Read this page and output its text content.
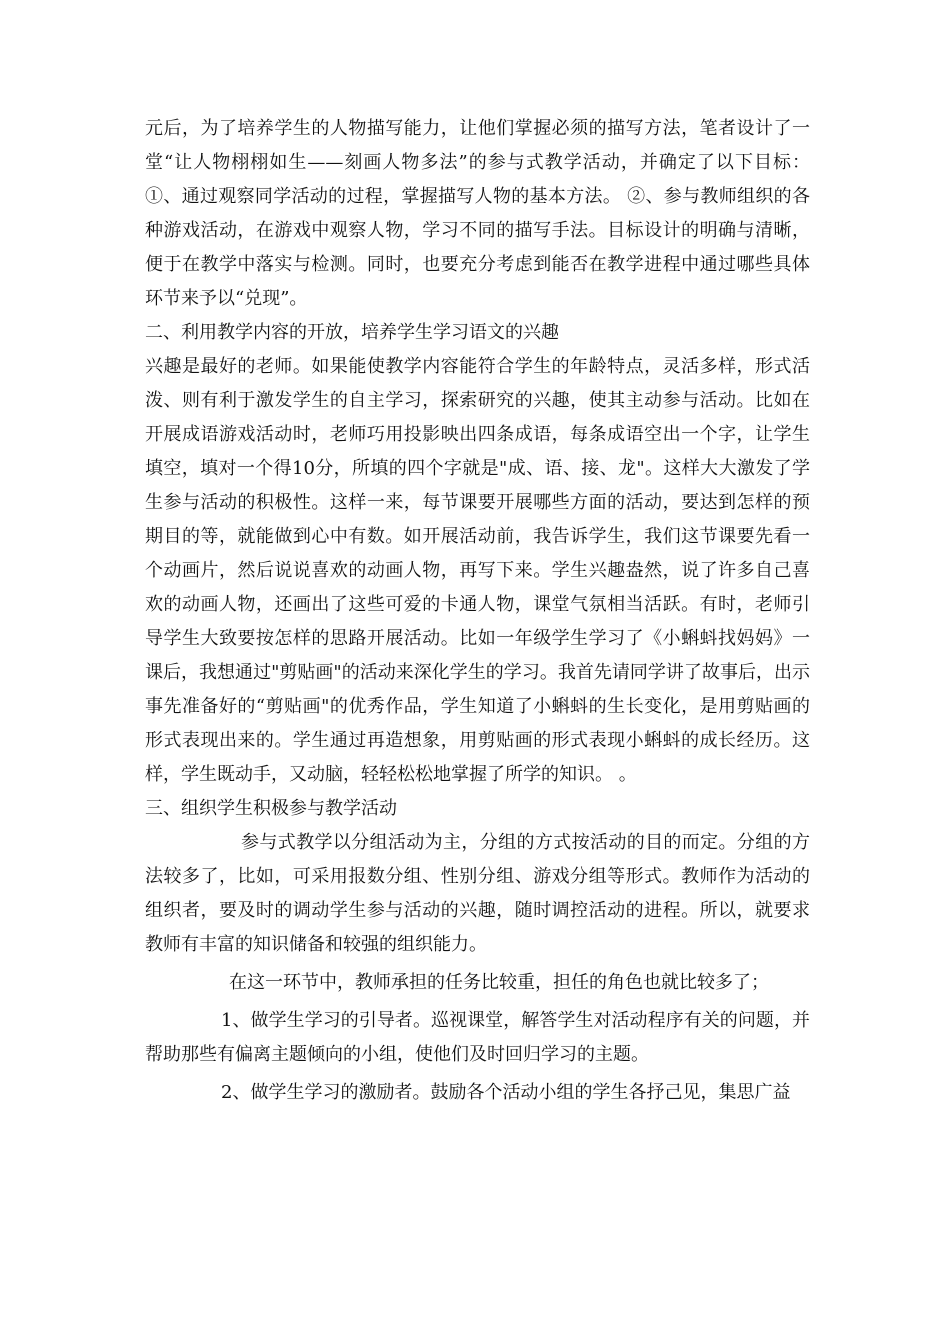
元后，为了培养学生的人物描写能力，让他们掌握必须的描写方法，笔者设计了一堂“让人物栩栩如生——刻画人物多法”的参与式教学活动，并确定了以下目标：①、通过观察同学活动的过程，掌握描写人物的基本方法。 ②、参与教师组织的各种游戏活动，在游戏中观察人物，学习不同的描写手法。目标设计的明确与清晰，便于在教学中落实与检测。同时，也要充分考虑到能否在教学进程中通过哪些具体环节来予以“兑现”。

二、利用教学内容的开放，培养学生学习语文的兴趣

兴趣是最好的老师。如果能使教学内容能符合学生的年龄特点，灵活多样，形式活泼、则有利于激发学生的自主学习，探索研究的兴趣，使其主动参与活动。比如在开展成语游戏活动时，老师巧用投影映出四条成语，每条成语空出一个字，让学生填空，填对一个得10分，所填的四个字就是"成、语、接、龙"。这样大大激发了学生参与活动的积极性。这样一来，每节课要开展哪些方面的活动，要达到怎样的预期目的等，就能做到心中有数。如开展活动前，我告诉学生，我们这节课要先看一个动画片，然后说说喜欢的动画人物，再写下来。学生兴趣盎然，说了许多自己喜欢的动画人物，还画出了这些可爱的卡通人物，课堂气氛相当活跃。有时，老师引导学生大致要按怎样的思路开展活动。比如一年级学生学习了《小蝌蚪找妈妈》一课后，我想通过"剪贴画"的活动来深化学生的学习。我首先请同学讲了故事后，出示事先准备好的“剪贴画"的优秀作品，学生知道了小蝌蚪的生长变化，是用剪贴画的形式表现出来的。学生通过再造想象，用剪贴画的形式表现小蝌蚪的成长经历。这样，学生既动手，又动脑，轻轻松松地掌握了所学的知识。 。

三、组织学生积极参与教学活动

参与式教学以分组活动为主，分组的方式按活动的目的而定。分组的方法较多了，比如，可采用报数分组、性别分组、游戏分组等形式。教师作为活动的组织者，要及时的调动学生参与活动的兴趣，随时调控活动的进程。所以，就要求教师有丰富的知识储备和较强的组织能力。

在这一环节中，教师承担的任务比较重，担任的角色也就比较多了；

1、做学生学习的引导者。巡视课堂，解答学生对活动程序有关的问题，并帮助那些有偏离主题倾向的小组，使他们及时回归学习的主题。

2、做学生学习的激励者。鼓励各个活动小组的学生各抒己见，集思广益
